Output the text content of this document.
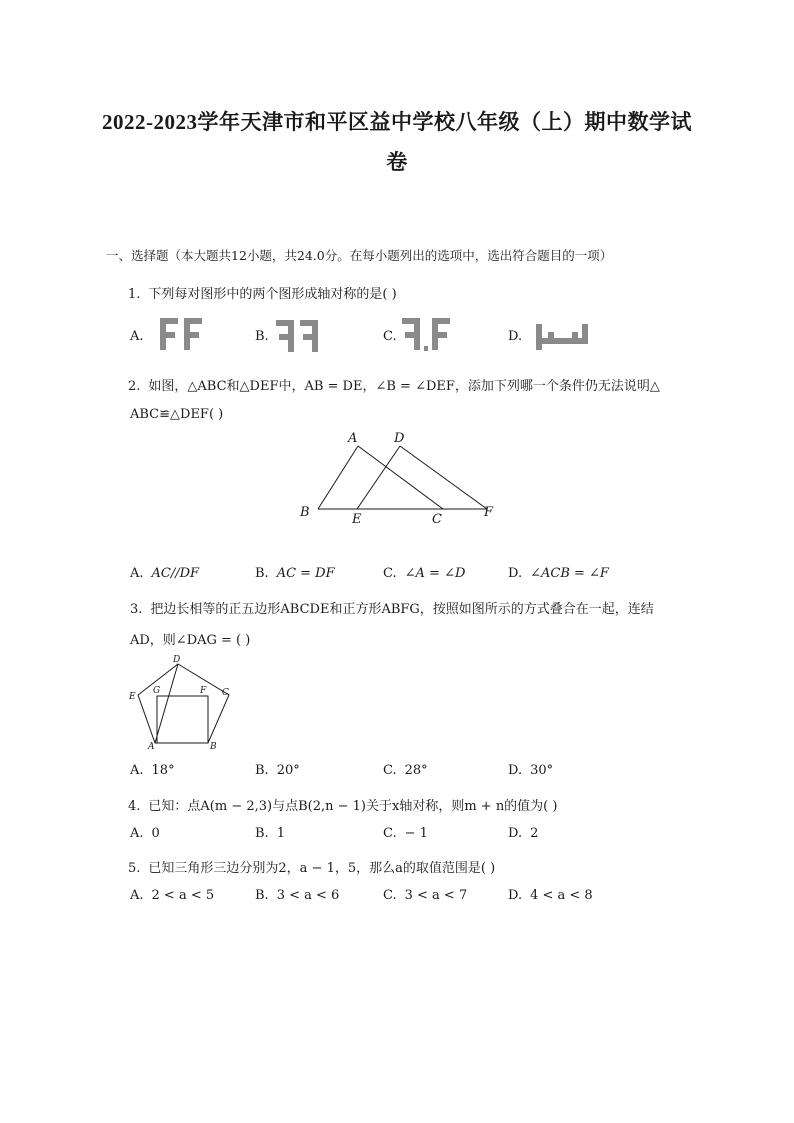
2022-2023学年天津市和平区益中学校八年级（上）期中数学试
卷
一、选择题（本大题共12小题，共24.0分。在每小题列出的选项中，选出符合题目的一项）
1. 下列每对图形中的两个图形成轴对称的是( )
A.	B.	C.	D.
2. 如图，△ABC和△DEF中，AB = DE，∠B = ∠DEF，添加下列哪一个条件仍无法说明△
ABC≌△DEF( )
A	D
B	E	C	F
A. AC//DF	B. AC = DF	C. ∠A = ∠D	D. ∠ACB = ∠F
3. 把边长相等的正五边形ABCDE和正方形ABFG，按照如图所示的方式叠合在一起，连结
AD，则∠DAG = ( )
D
E
G	F C
A	B
A. 18°	B. 20°	C. 28°	D. 30°
4. 已知：点A(m − 2,3)与点B(2,n − 1)关于x轴对称，则m + n的值为( )
A. 0	B. 1	C. − 1	D. 2
5. 已知三角形三边分别为2，a − 1，5，那么a的取值范围是( )
A. 2 < a < 5	B. 3 < a < 6	C. 3 < a < 7	D. 4 < a < 8
